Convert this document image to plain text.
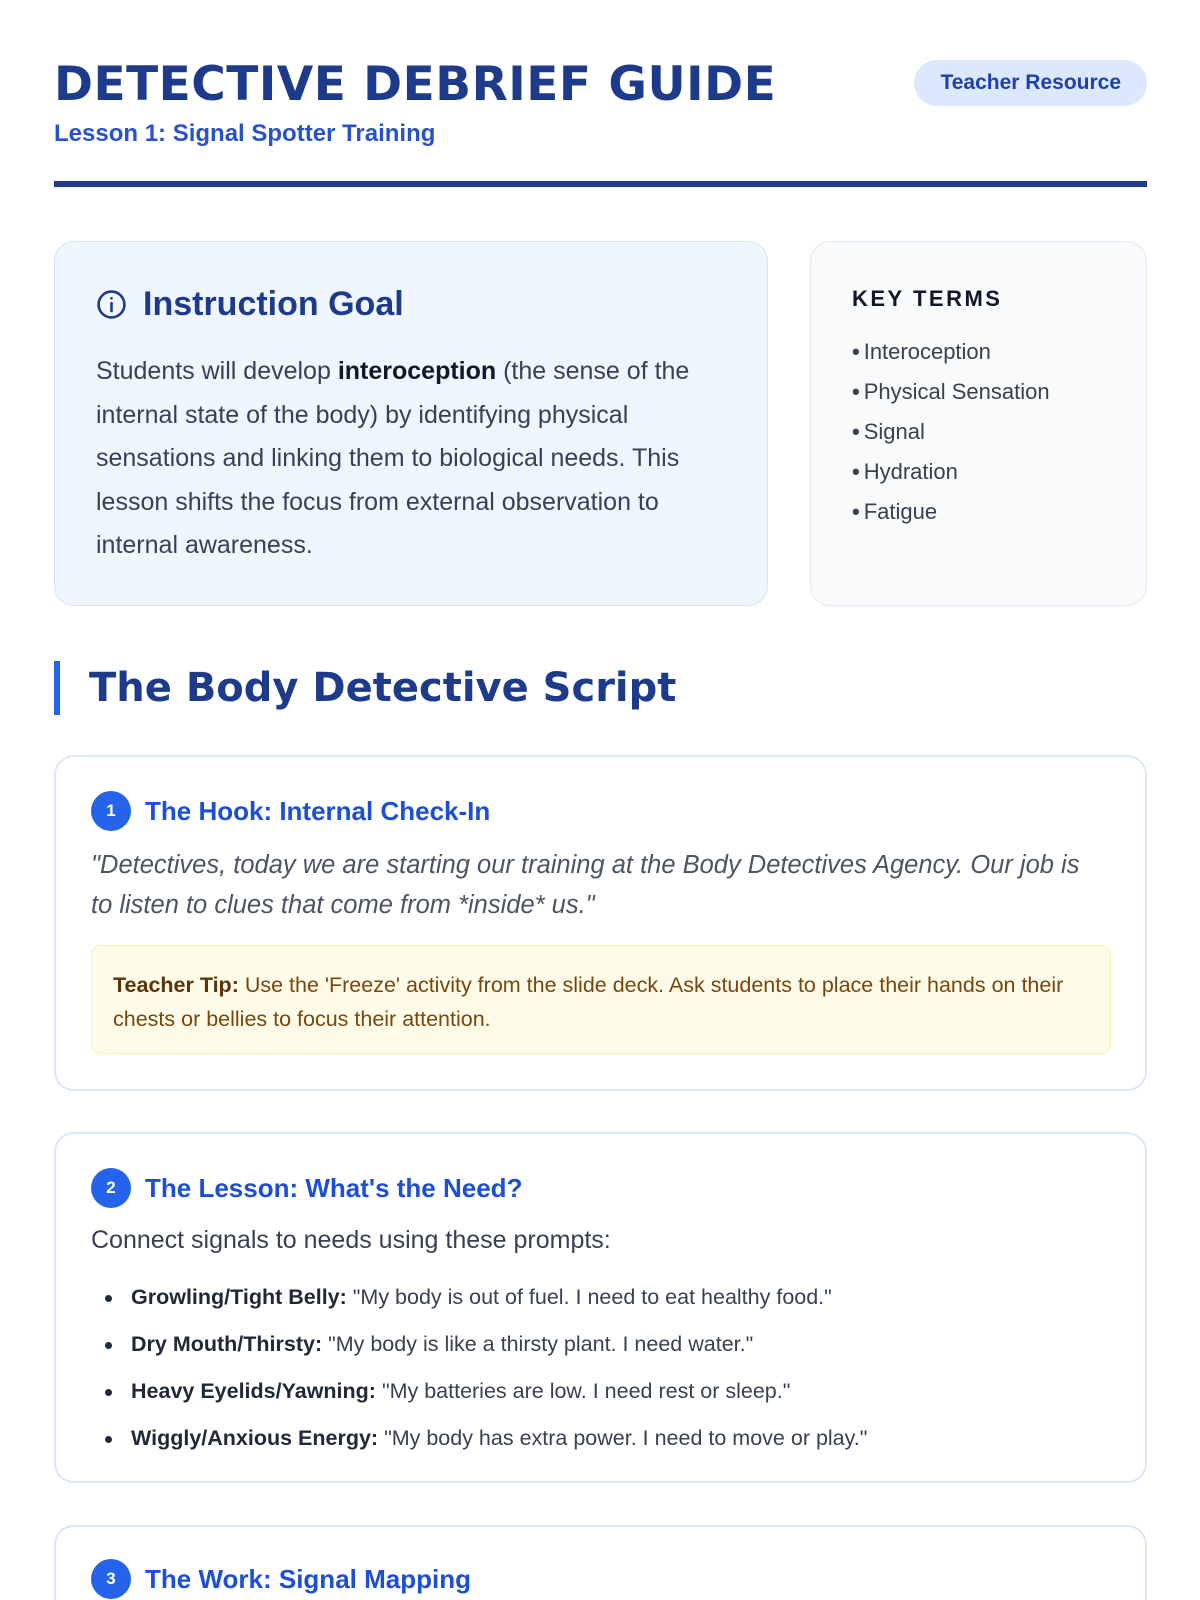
DETECTIVE DEBRIEF GUIDE
Lesson 1: Signal Spotter Training
Teacher Resource
Instruction Goal

Students will develop interoception (the sense of the internal state of the body) by identifying physical sensations and linking them to biological needs. This lesson shifts the focus from external observation to internal awareness.

KEY TERMS
• Interoception
• Physical Sensation
• Signal
• Hydration
• Fatigue
The Body Detective Script
1	The Hook: Internal Check-In

"Detectives, today we are starting our training at the Body Detectives Agency. Our job is to listen to clues that come from *inside* us."

Teacher Tip: Use the 'Freeze' activity from the slide deck. Ask students to place their hands on their chests or bellies to focus their attention.
2	The Lesson: What's the Need?

Connect signals to needs using these prompts:

Growling/Tight Belly: "My body is out of fuel. I need to eat healthy food."
Dry Mouth/Thirsty: "My body is like a thirsty plant. I need water."
Heavy Eyelids/Yawning: "My batteries are low. I need rest or sleep."
Wiggly/Anxious Energy: "My body has extra power. I need to move or play."
3	The Work: Signal Mapping
